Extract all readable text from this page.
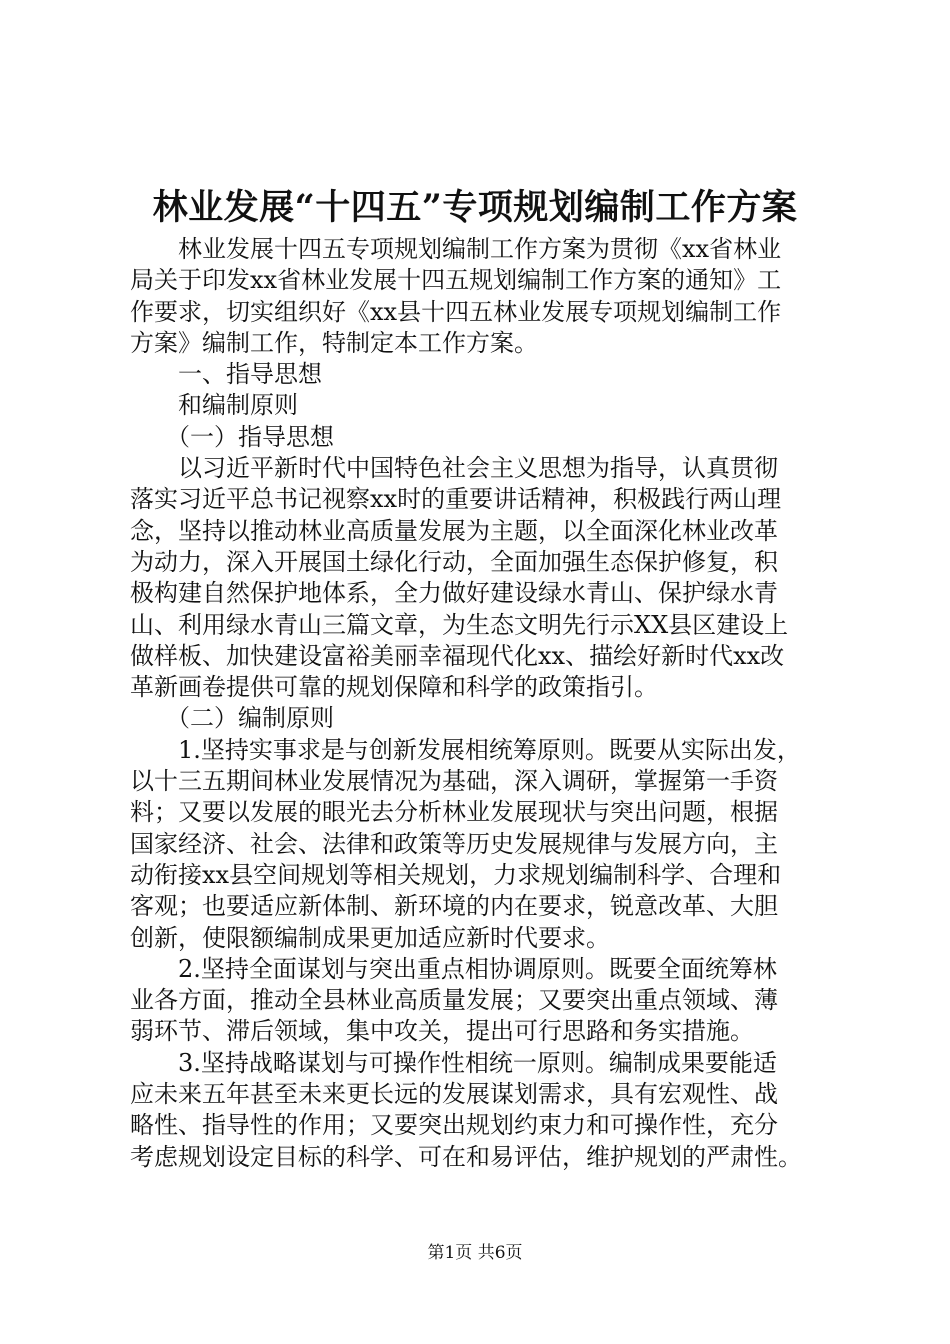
林业发展“十四五”专项规划编制工作方案
　　林业发展十四五专项规划编制工作方案为贯彻《xx省林业
局关于印发xx省林业发展十四五规划编制工作方案的通知》工
作要求，切实组织好《xx县十四五林业发展专项规划编制工作
方案》编制工作，特制定本工作方案。
　　一、指导思想
　　和编制原则
　　（一）指导思想
　　以习近平新时代中国特色社会主义思想为指导，认真贯彻
落实习近平总书记视察xx时的重要讲话精神，积极践行两山理
念，坚持以推动林业高质量发展为主题，以全面深化林业改革
为动力，深入开展国土绿化行动，全面加强生态保护修复，积
极构建自然保护地体系，全力做好建设绿水青山、保护绿水青
山、利用绿水青山三篇文章，为生态文明先行示XX县区建设上
做样板、加快建设富裕美丽幸福现代化xx、描绘好新时代xx改
革新画卷提供可靠的规划保障和科学的政策指引。
　　（二）编制原则
　　1.坚持实事求是与创新发展相统筹原则。既要从实际出发，
以十三五期间林业发展情况为基础，深入调研，掌握第一手资
料；又要以发展的眼光去分析林业发展现状与突出问题，根据
国家经济、社会、法律和政策等历史发展规律与发展方向，主
动衔接xx县空间规划等相关规划，力求规划编制科学、合理和
客观；也要适应新体制、新环境的内在要求，锐意改革、大胆
创新，使限额编制成果更加适应新时代要求。
　　2.坚持全面谋划与突出重点相协调原则。既要全面统筹林
业各方面，推动全县林业高质量发展；又要突出重点领域、薄
弱环节、滞后领域，集中攻关，提出可行思路和务实措施。
　　3.坚持战略谋划与可操作性相统一原则。编制成果要能适
应未来五年甚至未来更长远的发展谋划需求，具有宏观性、战
略性、指导性的作用；又要突出规划约束力和可操作性，充分
考虑规划设定目标的科学、可在和易评估，维护规划的严肃性。
第1页 共6页
